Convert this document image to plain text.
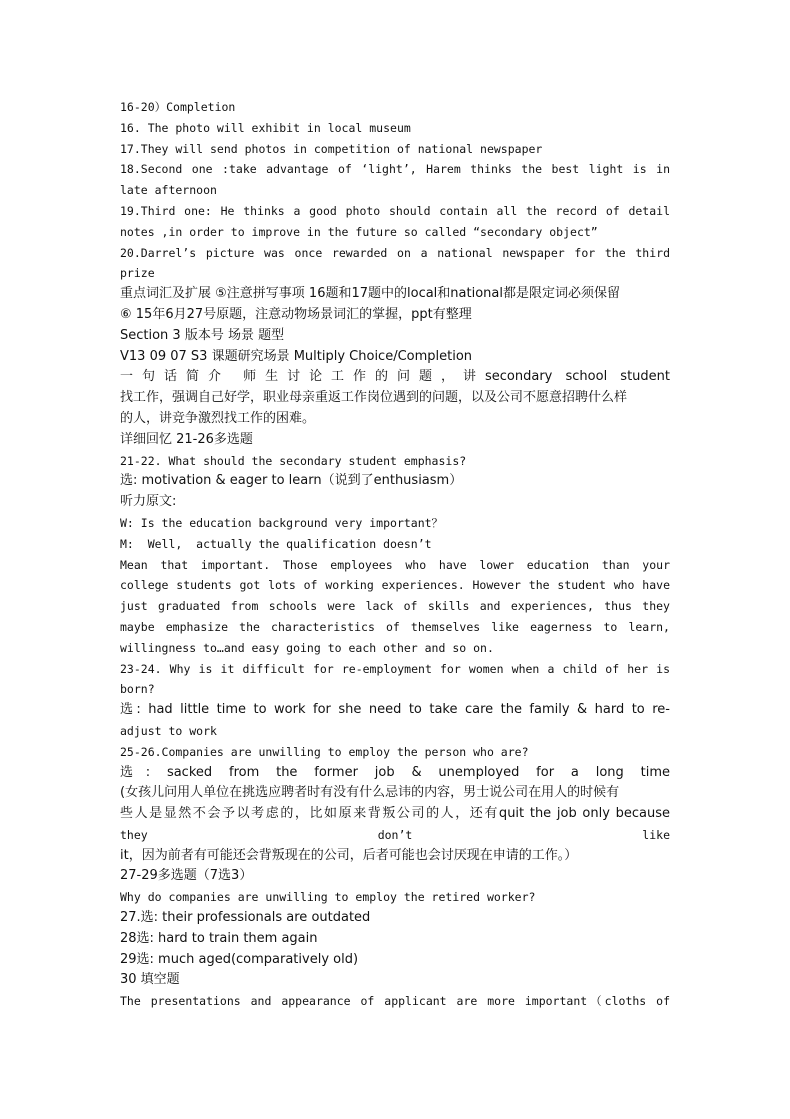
16-20）Completion
16. The photo will exhibit in local museum
17.They will send photos in competition of national newspaper
18.Second one :take advantage of ‘light’, Harem thinks the best light is in
late afternoon
19.Third one: He thinks a good photo should contain all the record of detail
notes ,in order to improve in the future so called “secondary object”
20.Darrel’s picture was once rewarded on a national newspaper for the third
prize
重点词汇及扩展 ⑤注意拼写事项 16题和17题中的local和national都是限定词必须保留
⑥ 15年6月27号原题，注意动物场景词汇的掌握，ppt有整理
Section 3 版本号 场景 题型
V13 09 07 S3 课题研究场景 Multiply Choice/Completion
一句话简介 师生讨论工作的问题，讲secondary school student
找工作，强调自己好学，职业母亲重返工作岗位遇到的问题，以及公司不愿意招聘什么样
的人，讲竞争激烈找工作的困难。
详细回忆 21-26多选题
21-22. What should the secondary student emphasis?
选: motivation & eager to learn（说到了enthusiasm）
听力原文:
W: Is the education background very important？
M:  Well,  actually the qualification doesn’t
Mean that important. Those employees who have lower education than your
college students got lots of working experiences. However the student who have
just graduated from schools were lack of skills and experiences, thus they
maybe emphasize the characteristics of themselves like eagerness to learn,
willingness to…and easy going to each other and so on.
23-24. Why is it difficult for re-employment for women when a child of her is
born?
选: had little time to work for she need to take care the family & hard to re-
adjust to work
25-26.Companies are unwilling to employ the person who are?
选: sacked from the former job & unemployed for a long time
(女孩儿问用人单位在挑选应聘者时有没有什么忌讳的内容，男士说公司在用人的时候有
些人是显然不会予以考虑的，比如原来背叛公司的人，还有quit the job only because
they don’t like
it，因为前者有可能还会背叛现在的公司，后者可能也会讨厌现在申请的工作。）
27-29多选题（7选3）
Why do companies are unwilling to employ the retired worker?
27.选: their professionals are outdated
28选: hard to train them again
29选: much aged(comparatively old)
30 填空题
The presentations and appearance of applicant are more important（cloths of
